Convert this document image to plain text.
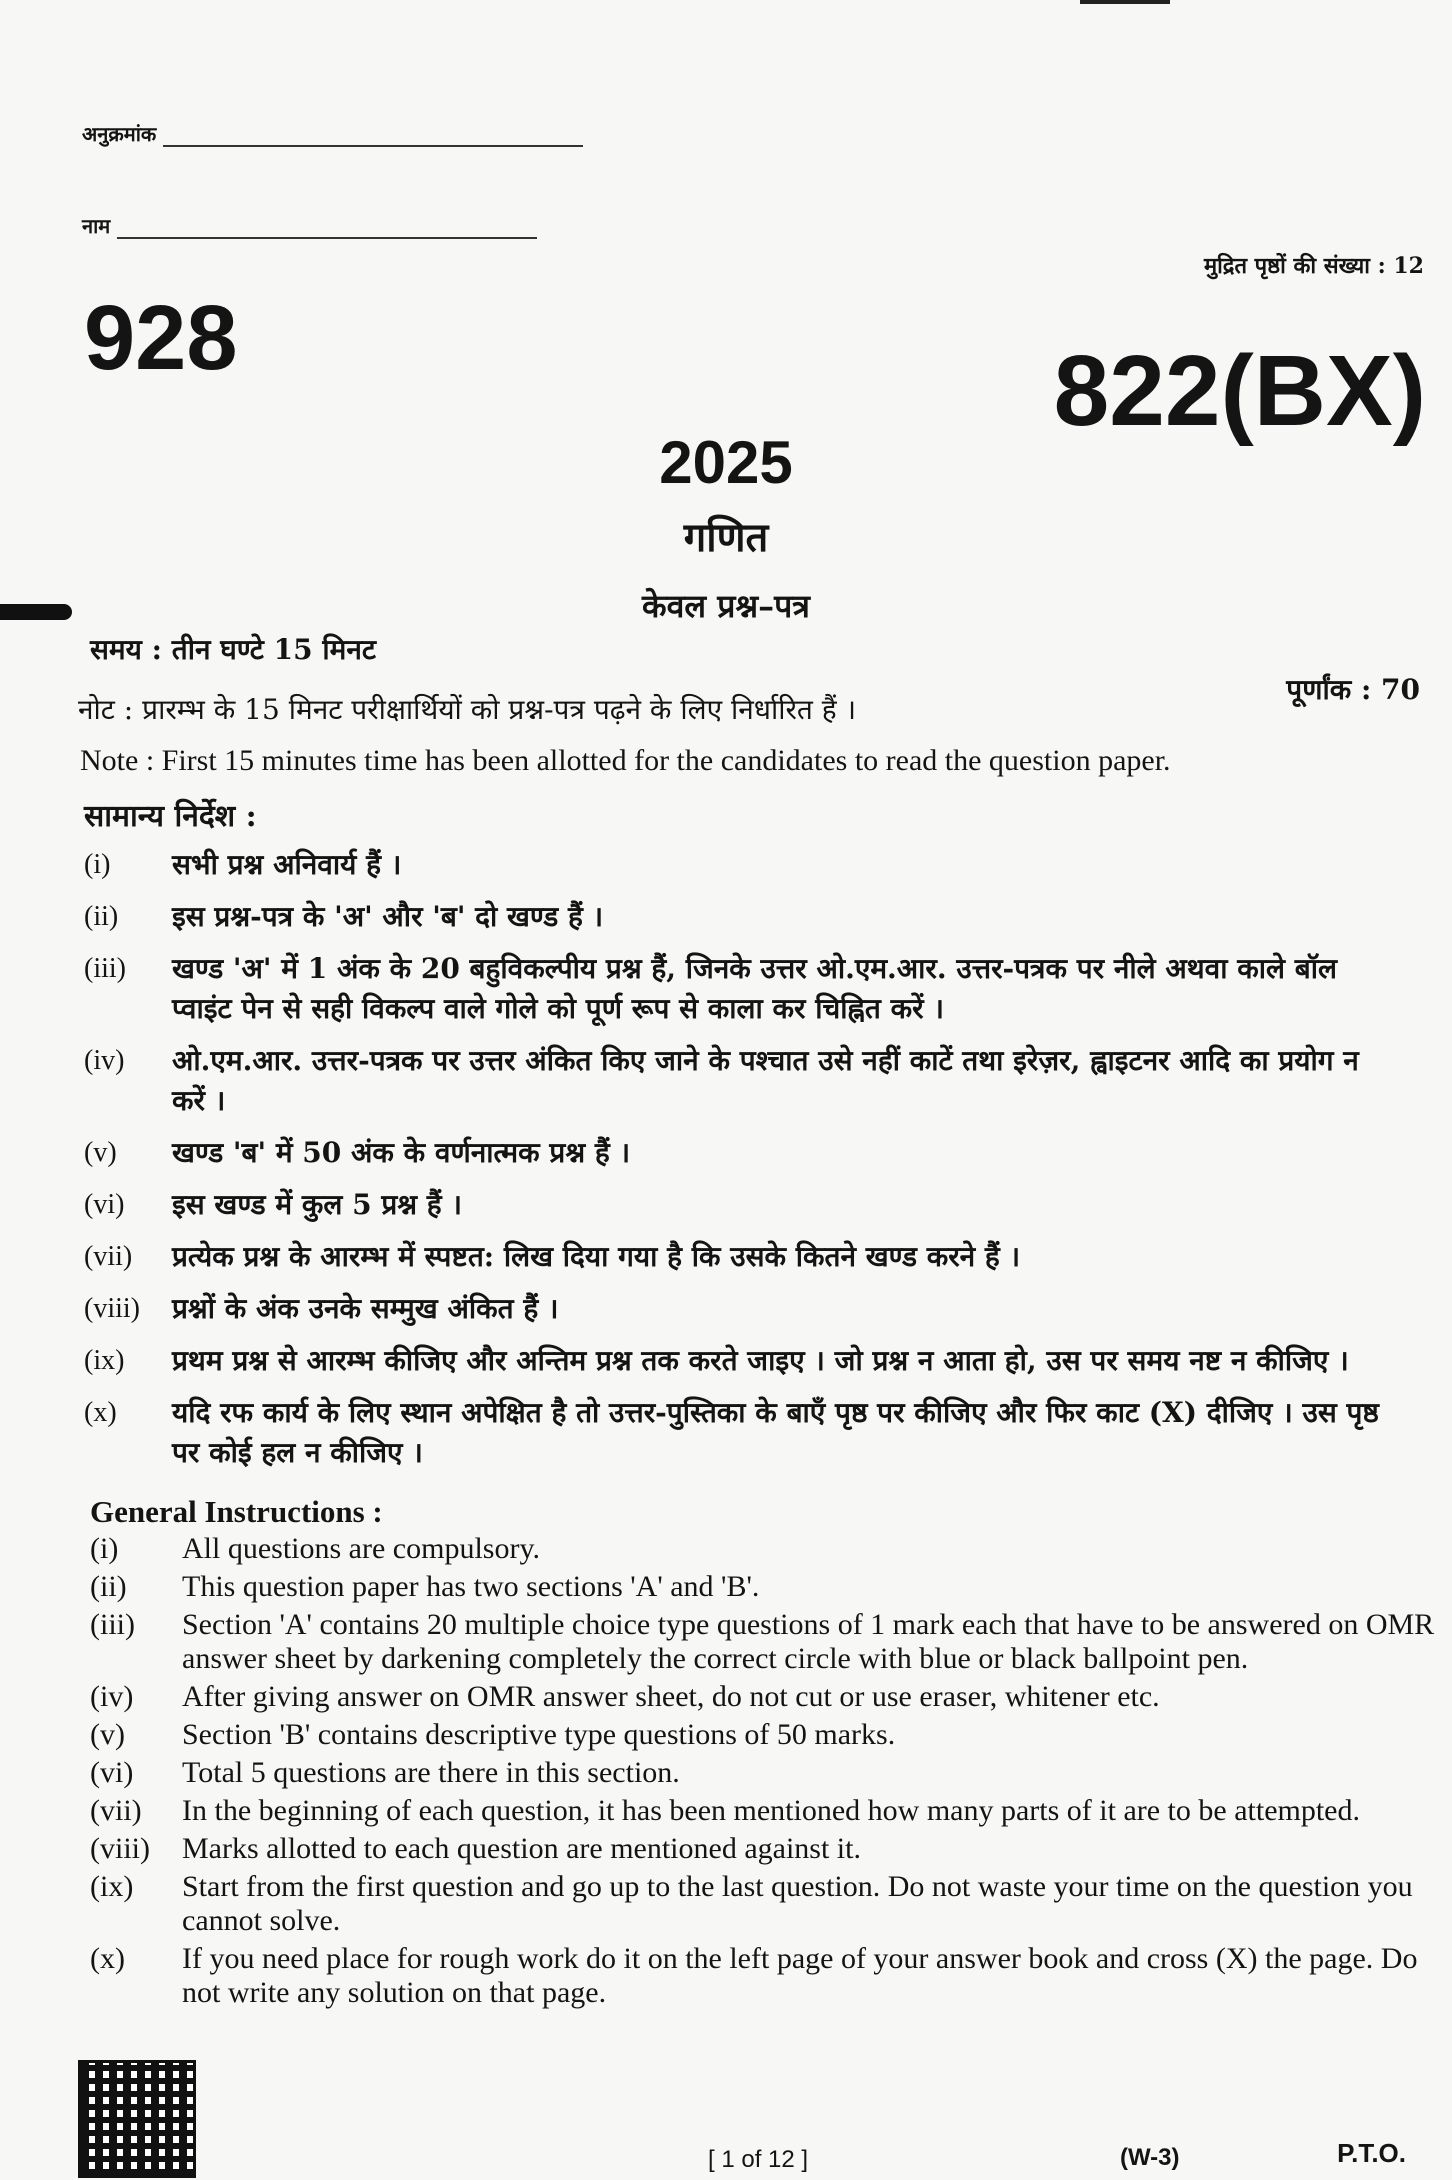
अनुक्रमांक
नाम
मुद्रित पृष्ठों की संख्या : 12
928	822(BX)
2025
गणित
केवल प्रश्न–पत्र
समय : तीन घण्टे 15 मिनट
पूर्णांक : 70
नोट : प्रारम्भ के 15 मिनट परीक्षार्थियों को प्रश्न-पत्र पढ़ने के लिए निर्धारित हैं ।
Note : First 15 minutes time has been allotted for the candidates to read the question paper.
सामान्य निर्देश :
(i)	सभी प्रश्न अनिवार्य हैं ।
(ii)	इस प्रश्न-पत्र के 'अ' और 'ब' दो खण्ड हैं ।
(iii)	खण्ड 'अ' में 1 अंक के 20 बहुविकल्पीय प्रश्न हैं, जिनके उत्तर ओ.एम.आर. उत्तर-पत्रक पर नीले अथवा काले बॉल प्वाइंट पेन से सही विकल्प वाले गोले को पूर्ण रूप से काला कर चिह्नित करें ।
(iv)	ओ.एम.आर. उत्तर-पत्रक पर उत्तर अंकित किए जाने के पश्चात उसे नहीं काटें तथा इरेज़र, ह्वाइटनर आदि का प्रयोग न करें ।
(v)	खण्ड 'ब' में 50 अंक के वर्णनात्मक प्रश्न हैं ।
(vi)	इस खण्ड में कुल 5 प्रश्न हैं ।
(vii)	प्रत्येक प्रश्न के आरम्भ में स्पष्टत: लिख दिया गया है कि उसके कितने खण्ड करने हैं ।
(viii)	प्रश्नों के अंक उनके सम्मुख अंकित हैं ।
(ix)	प्रथम प्रश्न से आरम्भ कीजिए और अन्तिम प्रश्न तक करते जाइए । जो प्रश्न न आता हो, उस पर समय नष्ट न कीजिए ।
(x)	यदि रफ कार्य के लिए स्थान अपेक्षित है तो उत्तर-पुस्तिका के बाएँ पृष्ठ पर कीजिए और फिर काट (X) दीजिए । उस पृष्ठ पर कोई हल न कीजिए ।
General Instructions :
(i)	All questions are compulsory.
(ii)	This question paper has two sections 'A' and 'B'.
(iii)	Section 'A' contains 20 multiple choice type questions of 1 mark each that have to be answered on OMR answer sheet by darkening completely the correct circle with blue or black ballpoint pen.
(iv)	After giving answer on OMR answer sheet, do not cut or use eraser, whitener etc.
(v)	Section 'B' contains descriptive type questions of 50 marks.
(vi)	Total 5 questions are there in this section.
(vii)	In the beginning of each question, it has been mentioned how many parts of it are to be attempted.
(viii)	Marks allotted to each question are mentioned against it.
(ix)	Start from the first question and go up to the last question. Do not waste your time on the question you cannot solve.
(x)	If you need place for rough work do it on the left page of your answer book and cross (X) the page. Do not write any solution on that page.
[ 1 of 12 ]	(W-3)	P.T.O.
